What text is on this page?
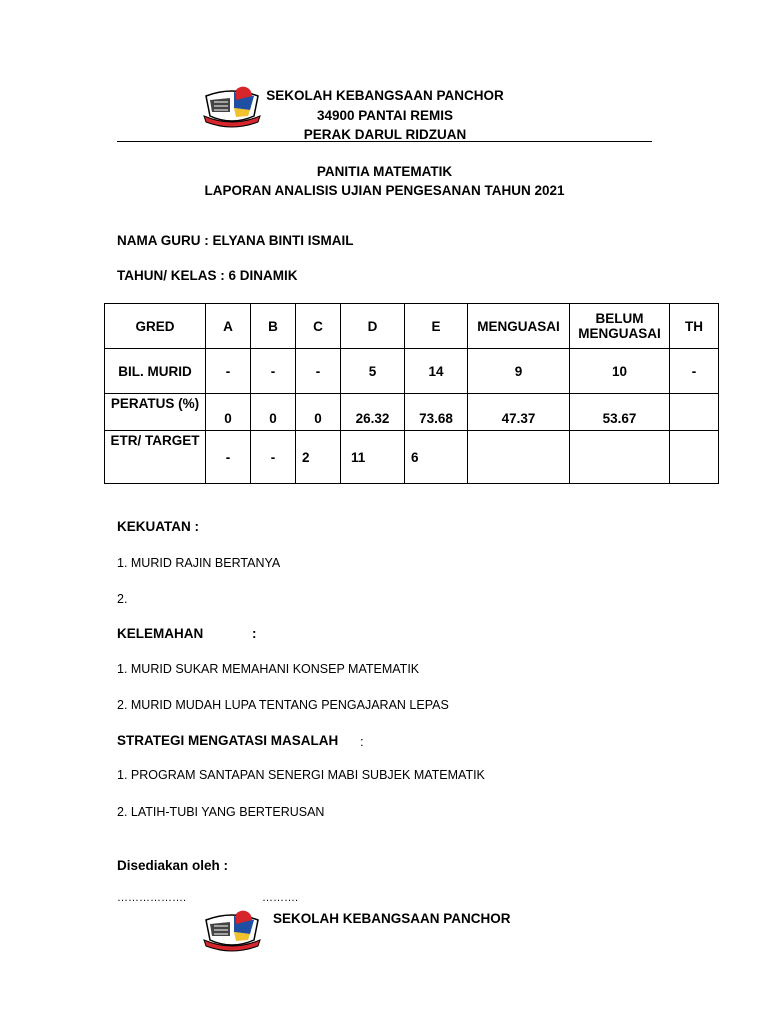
SEKOLAH KEBANGSAAN PANCHOR
34900 PANTAI REMIS
PERAK DARUL RIDZUAN
PANITIA MATEMATIK
LAPORAN ANALISIS UJIAN PENGESANAN TAHUN 2021
NAMA GURU : ELYANA BINTI ISMAIL
TAHUN/ KELAS : 6 DINAMIK
GRED	A	B	C	D	E	MENGUASAI	BELUM MENGUASAI	TH
BIL. MURID	-	-	-	5	14	9	10	-
PERATUS (%)	0	0	0	26.32	73.68	47.37	53.67	
ETR/ TARGET	-	-	2	11	6			
KEKUATAN :
1. MURID RAJIN BERTANYA
2.
KELEMAHAN	:
1. MURID SUKAR MEMAHANI KONSEP MATEMATIK
2. MURID MUDAH LUPA TENTANG PENGAJARAN LEPAS
STRATEGI MENGATASI MASALAH :
1. PROGRAM SANTAPAN SENERGI MABI SUBJEK MATEMATIK
2. LATIH-TUBI YANG BERTERUSAN
Disediakan oleh :
……………….	……….
SEKOLAH KEBANGSAAN PANCHOR
